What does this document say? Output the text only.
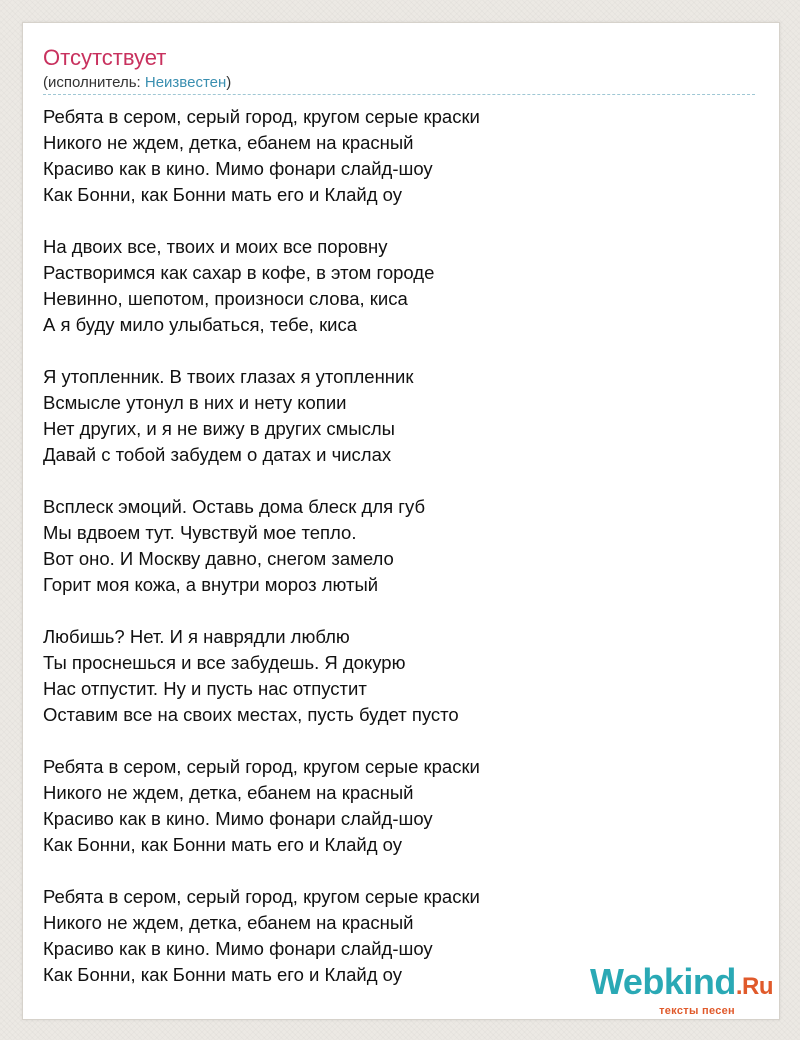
Отсутствует
(исполнитель: Неизвестен)
Ребята в сером, серый город, кругом серые краски
Никого не ждем, детка, ебанем на красный
Красиво как в кино. Мимо фонари слайд-шоу
Как Бонни, как Бонни мать его и Клайд оу
На двоих все, твоих и моих все поровну
Растворимся как сахар в кофе, в этом городе
Невинно, шепотом, произноси слова, киса
А я буду мило улыбаться, тебе, киса
Я утопленник. В твоих глазах я утопленник
Всмысле утонул в них и нету копии
Нет других, и я не вижу в других смыслы
Давай с тобой забудем о датах и числах
Всплеск эмоций. Оставь дома блеск для губ
Мы вдвоем тут. Чувствуй мое тепло.
Вот оно. И Москву давно, снегом замело
Горит моя кожа, а внутри мороз лютый
Любишь? Нет. И я наврядли люблю
Ты проснешься и все забудешь. Я докурю
Нас отпустит. Ну и пусть нас отпустит
Оставим все на своих местах, пусть будет пусто
Ребята в сером, серый город, кругом серые краски
Никого не ждем, детка, ебанем на красный
Красиво как в кино. Мимо фонари слайд-шоу
Как Бонни, как Бонни мать его и Клайд оу
Ребята в сером, серый город, кругом серые краски
Никого не ждем, детка, ебанем на красный
Красиво как в кино. Мимо фонари слайд-шоу
Как Бонни, как Бонни мать его и Клайд оу	Webkind.Ru
тексты песен
